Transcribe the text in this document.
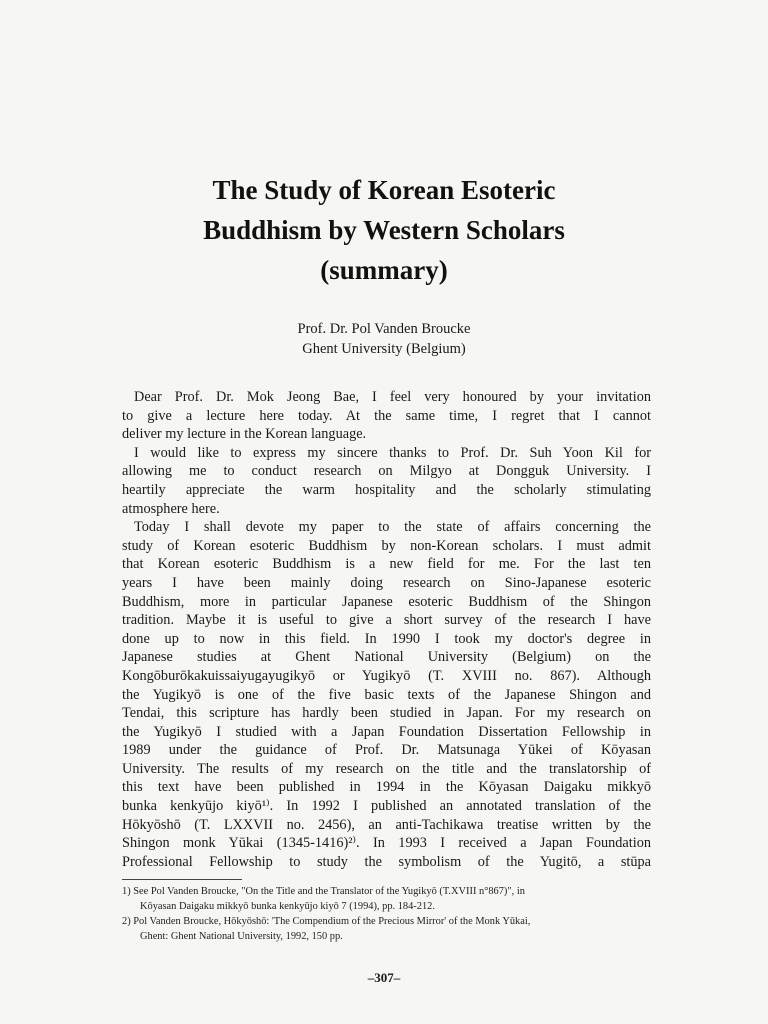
The Study of Korean Esoteric
Buddhism by Western Scholars
(summary)
Prof. Dr. Pol Vanden Broucke
Ghent University (Belgium)
Dear Prof. Dr. Mok Jeong Bae, I feel very honoured by your invitation
to give a lecture here today. At the same time, I regret that I cannot
deliver my lecture in the Korean language.
I would like to express my sincere thanks to Prof. Dr. Suh Yoon Kil for
allowing me to conduct research on Milgyo at Dongguk University. I
heartily appreciate the warm hospitality and the scholarly stimulating
atmosphere here.
Today I shall devote my paper to the state of affairs concerning the
study of Korean esoteric Buddhism by non-Korean scholars. I must admit
that Korean esoteric Buddhism is a new field for me. For the last ten
years I have been mainly doing research on Sino-Japanese esoteric
Buddhism, more in particular Japanese esoteric Buddhism of the Shingon
tradition. Maybe it is useful to give a short survey of the research I have
done up to now in this field. In 1990 I took my doctor's degree in
Japanese studies at Ghent National University (Belgium) on the
Kongōburōkakuissaiyugayugikyō or Yugikyō (T. XVIII no. 867). Although
the Yugikyō is one of the five basic texts of the Japanese Shingon and
Tendai, this scripture has hardly been studied in Japan. For my research on
the Yugikyō I studied with a Japan Foundation Dissertation Fellowship in
1989 under the guidance of Prof. Dr. Matsunaga Yūkei of Kōyasan
University. The results of my research on the title and the translatorship of
this text have been published in 1994 in the Kōyasan Daigaku mikkyō
bunka kenkyūjo kiyō¹⁾. In 1992 I published an annotated translation of the
Hōkyōshō (T. LXXVII no. 2456), an anti-Tachikawa treatise written by the
Shingon monk Yūkai (1345-1416)²⁾. In 1993 I received a Japan Foundation
Professional Fellowship to study the symbolism of the Yugitō, a stūpa
1) See Pol Vanden Broucke, "On the Title and the Translator of the Yugikyō (T.XVIII n°867)", in
Kōyasan Daigaku mikkyō bunka kenkyūjo kiyō 7 (1994), pp. 184-212.
2) Pol Vanden Broucke, Hōkyōshō: 'The Compendium of the Precious Mirror' of the Monk Yūkai,
Ghent: Ghent National University, 1992, 150 pp.
–307–
